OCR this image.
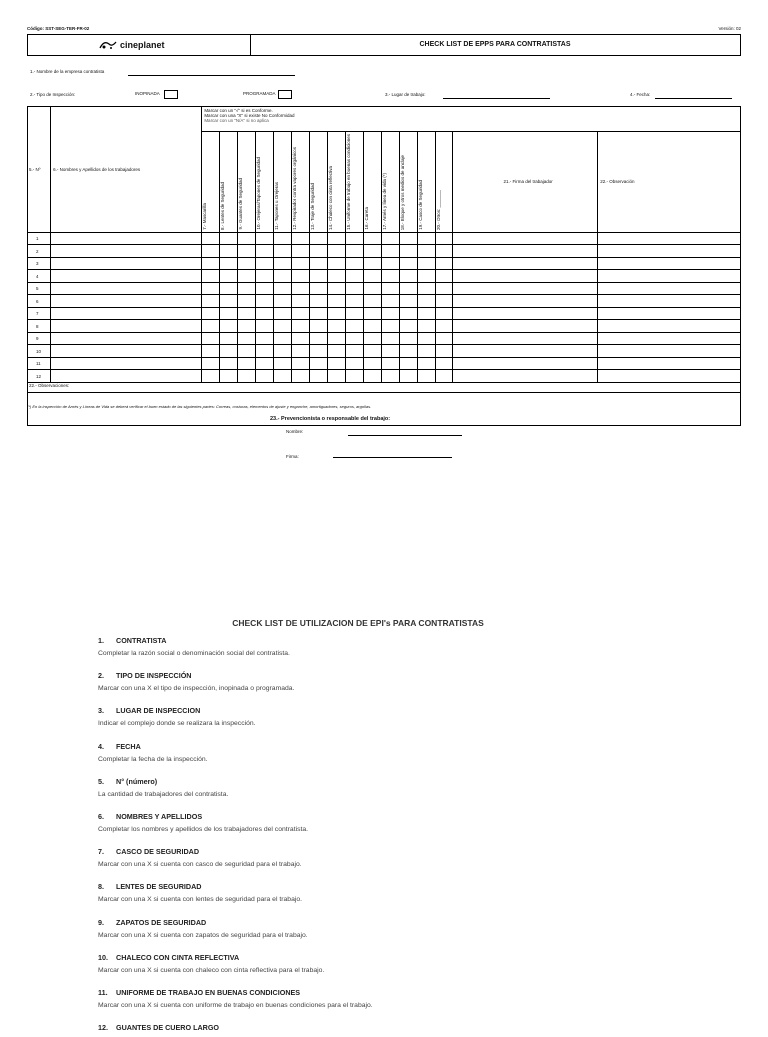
Código: SST-SEG-TER-FR-02	Versión: 02
cineplanet	CHECK LIST DE EPPS PARA CONTRATISTAS
1.- Nombre de la empresa contratista
2.- Tipo de Inspección:	INOPINADA	PROGRAMADA	3.- Lugar de trabajo:	4.- Fecha:
5.- Nº	6.- Nombres y Apellidos de los trabajadores	Marcar con un "√" si es Conforme.
Marcar con una "X" si existe No Conformidad
Marcar con un "N/A" si no aplica															

		7.- Mascarilla	8.- Lentes de Seguridad	9.- Guantes de Seguridad	10.- Orejeras/Tapones de Seguridad	11.- Tapones u Orejeras	12.- Respirador contra vapores orgánicos	13.- Traje de Seguridad	14.- Chaleco con cinta reflectiva	15.- Uniforme de trabajo en buenas condiciones	16.- Careta	17.- Arnés y línea de vida (*)	18.- Bloque y otros medios de anclaje	19.- Casco de Seguridad	20.- Otros: _______	21.- Firma del trabajador	22.- Observación
1																	
2																	
3																	
4																	
5																	
6																	
7																	
8																	
9																	
10																	
11																	
12																	
22.- Observaciones:																	

(*) En la inspección de Arnés y Líneas de Vida se deberá verificar el buen estado de las siguientes partes: Correas, costuras, elementos de ajuste y enganche, amortiguadores, seguros, argollas.
23.- Prevencionista o responsable del trabajo:
Nombre:
Firma:
CHECK LIST DE UTILIZACION DE EPI's PARA CONTRATISTAS
1. CONTRATISTA
Completar la razón social o denominación social del contratista.
2. TIPO DE INSPECCIÓN
Marcar con una X el tipo de inspección, inopinada o programada.
3. LUGAR DE INSPECCION
Indicar el complejo donde se realizara la inspección.
4. FECHA
Completar la fecha de la inspección.
5. N° (número)
La cantidad de trabajadores del contratista.
6. NOMBRES Y APELLIDOS
Completar los nombres y apellidos de los trabajadores del contratista.
7. CASCO DE SEGURIDAD
Marcar con una X si cuenta con casco de seguridad para el trabajo.
8. LENTES DE SEGURIDAD
Marcar con una X si cuenta con lentes de seguridad para el trabajo.
9. ZAPATOS DE SEGURIDAD
Marcar con una X si cuenta con zapatos de seguridad para el trabajo.
10. CHALECO CON CINTA REFLECTIVA
Marcar con una X si cuenta con chaleco con cinta reflectiva para el trabajo.
11. UNIFORME DE TRABAJO EN BUENAS CONDICIONES
Marcar con una X si cuenta con uniforme de trabajo en buenas condiciones para el trabajo.
12. GUANTES DE CUERO LARGO
